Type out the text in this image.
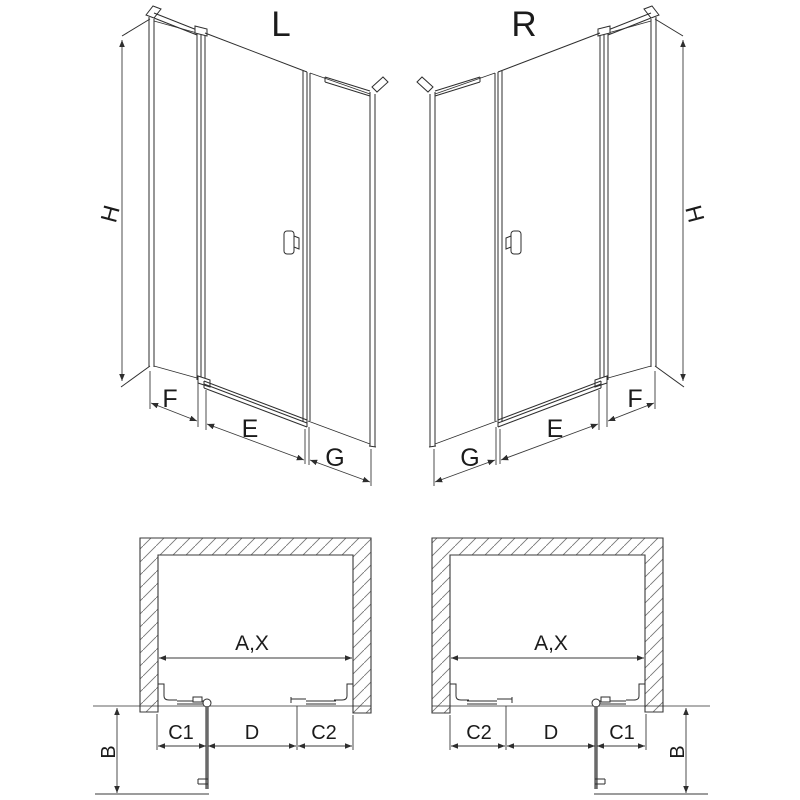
H
L
F
E
G
R
F
E
G
A,X
C1	D	C2
B
A,X
C2	D	C1
B
